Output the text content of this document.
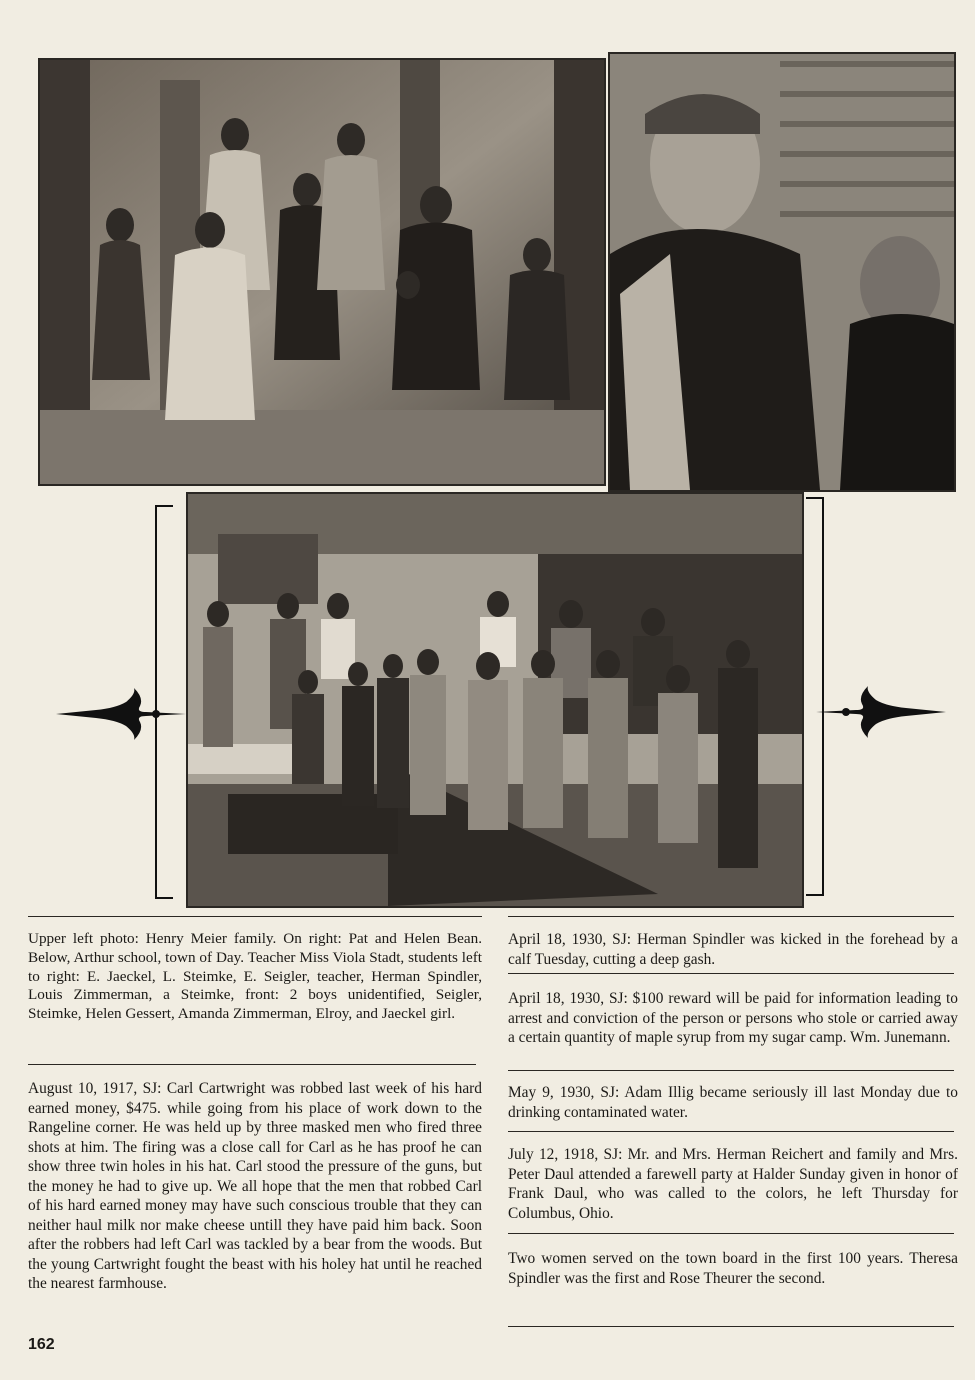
Upper left photo: Henry Meier family. On right: Pat and Helen Bean. Below, Arthur school, town of Day. Teacher Miss Viola Stadt, students left to right: E. Jaeckel, L. Steimke, E. Seigler, teacher, Herman Spindler, Louis Zimmerman, a Steimke, front: 2 boys unidentified, Seigler, Steimke, Helen Gessert, Amanda Zimmerman, Elroy, and Jaeckel girl.

August 10, 1917, SJ: Carl Cartwright was robbed last week of his hard earned money, $475. while going from his place of work down to the Rangeline corner. He was held up by three masked men who fired three shots at him. The firing was a close call for Carl as he has proof he can show three twin holes in his hat. Carl stood the pressure of the guns, but the money he had to give up. We all hope that the men that robbed Carl of his hard earned money may have such conscious trouble that they can neither haul milk nor make cheese untill they have paid him back. Soon after the robbers had left Carl was tackled by a bear from the woods. But the young Cartwright fought the beast with his holey hat until he reached the nearest farmhouse.

April 18, 1930, SJ: Herman Spindler was kicked in the forehead by a calf Tuesday, cutting a deep gash.

April 18, 1930, SJ: $100 reward will be paid for information leading to arrest and conviction of the person or persons who stole or carried away a certain quantity of maple syrup from my sugar camp. Wm. Junemann.

May 9, 1930, SJ: Adam Illig became seriously ill last Monday due to drinking contaminated water.

July 12, 1918, SJ: Mr. and Mrs. Herman Reichert and family and Mrs. Peter Daul attended a farewell party at Halder Sunday given in honor of Frank Daul, who was called to the colors, he left Thursday for Columbus, Ohio.

Two women served on the town board in the first 100 years. Theresa Spindler was the first and Rose Theurer the second.

162
